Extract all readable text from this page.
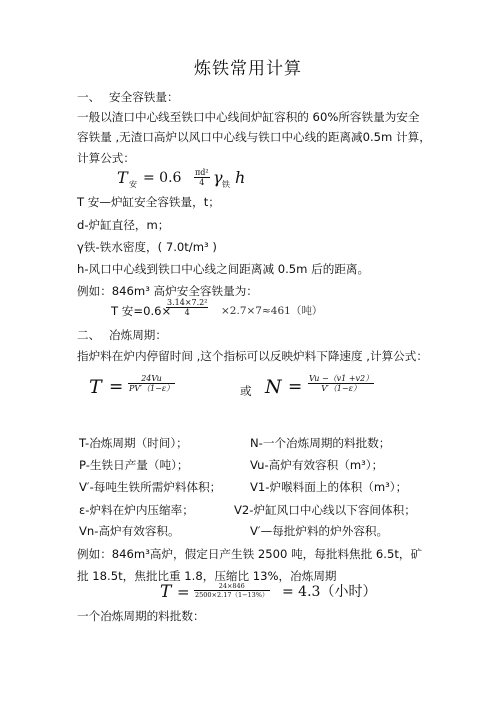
炼铁常用计算
一、 安全容铁量：
一般以渣口中心线至铁口中心线间炉缸容积的 60%所容铁量为安全
容铁量 ,无渣口高炉以风口中心线与铁口中心线的距离减0.5m 计算，
计算公式：
T 安 = $0.6 \frac{\text{πd²}}{4}$ γ 铁 h
T 安—炉缸安全容铁量，t；
d-炉缸直径，m；
γ铁-铁水密度，( 7.0t/m³ )
h-风口中心线到铁口中心线之间距离减 0.5m 后的距离。
例如：846m³ 高炉安全容铁量为：
T 安=0.6×
$\frac{\text{3.14×7.2²}}{4} \times 2.7\times 7\approx 461$（吨）
二、 冶炼周期：
指炉料在炉内停留时间 ,这个指标可以反映炉料下降速度 ,计算公式：
$T = \frac{24Vu}{PV'(1-\varepsilon)}$	或 $N = \frac{Vu -(v1 +v2)}{V'(1-\varepsilon)}$
T-冶炼周期（时间）；
P-生铁日产量（吨）；
V′-每吨生铁所需炉料体积；
ε-炉料在炉内压缩率；
Vn-高炉有效容积。
N-一个冶炼周期的料批数；
Vu-高炉有效容积（m³）；
V1-炉喉料面上的体积（m³）；
V2-炉缸风口中心线以下容间体积；
V′—每批炉料的炉外容积。
例如：846m³高炉，假定日产生铁 2500 吨，每批料焦批 6.5t，矿
批 18.5t，焦批比重 1.8，压缩比 13%，冶炼周期
$T = \frac{24\times 846}{2500\times 2.17(1-13\%)} = 4.3$（小时）
一个冶炼周期的料批数：
